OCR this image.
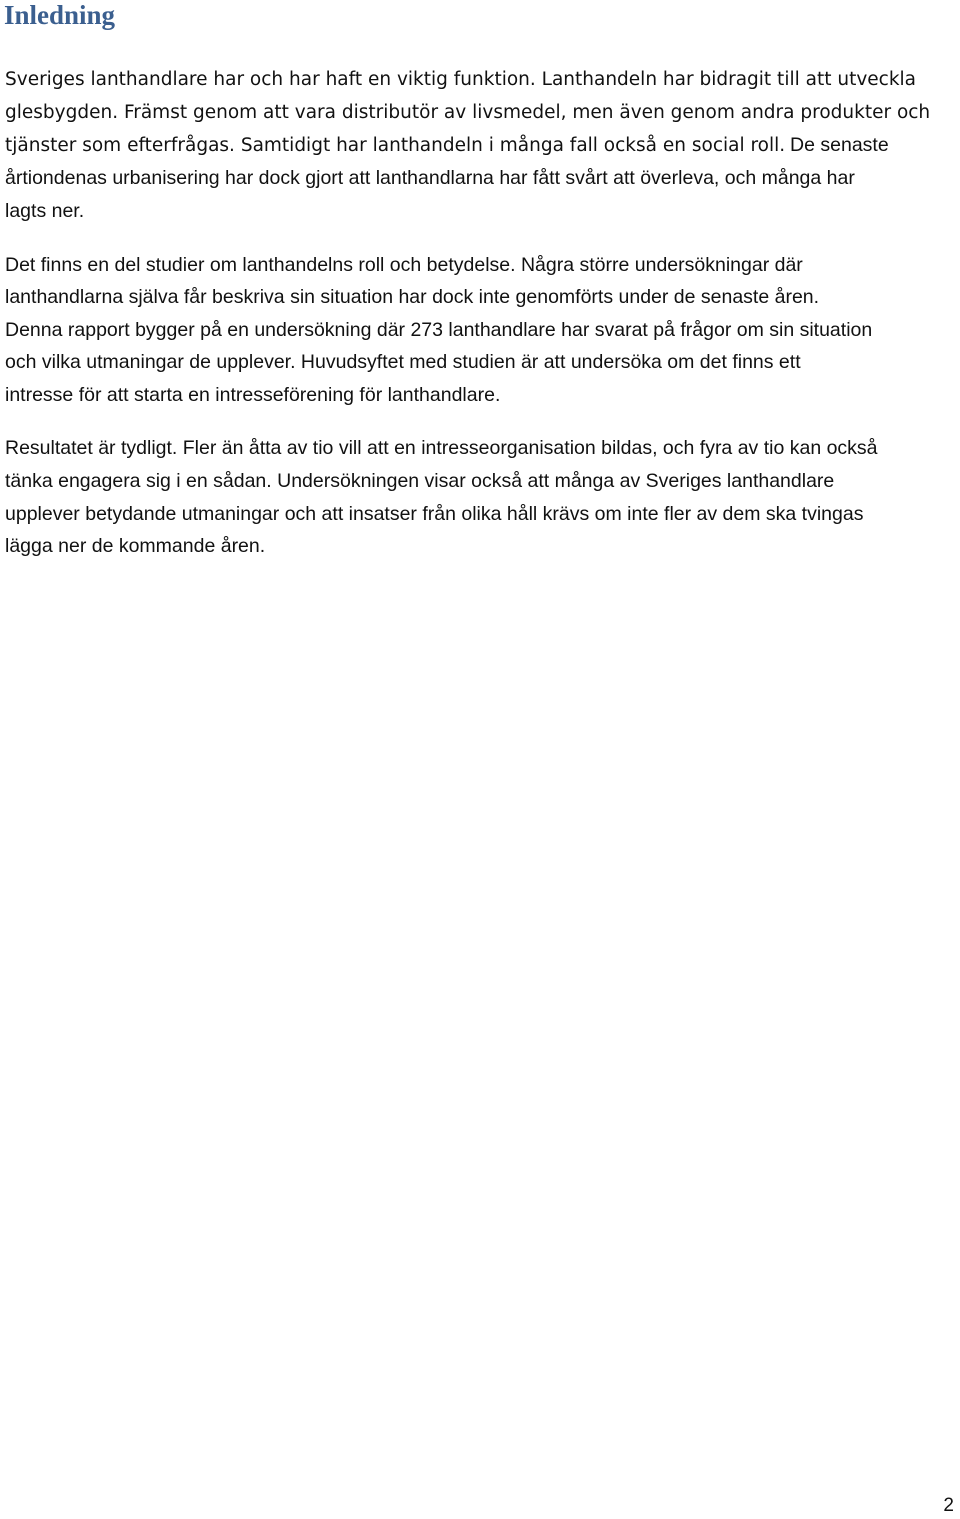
Inledning

Sveriges lanthandlare har och har haft en viktig funktion. Lanthandeln har bidragit till att utveckla

glesbygden. Främst genom att vara distributör av livsmedel, men även genom andra produkter och

tjänster som efterfrågas. Samtidigt har lanthandeln i många fall också en social roll. De senaste

årtiondenas urbanisering har dock gjort att lanthandlarna har fått svårt att överleva, och många har

lagts ner.

Det finns en del studier om lanthandelns roll och betydelse. Några större undersökningar där

lanthandlarna själva får beskriva sin situation har dock inte genomförts under de senaste åren.

Denna rapport bygger på en undersökning där 273 lanthandlare har svarat på frågor om sin situation

och vilka utmaningar de upplever. Huvudsyftet med studien är att undersöka om det finns ett

intresse för att starta en intresseförening för lanthandlare.

Resultatet är tydligt. Fler än åtta av tio vill att en intresseorganisation bildas, och fyra av tio kan också

tänka engagera sig i en sådan. Undersökningen visar också att många av Sveriges lanthandlare

upplever betydande utmaningar och att insatser från olika håll krävs om inte fler av dem ska tvingas

lägga ner de kommande åren.

2
